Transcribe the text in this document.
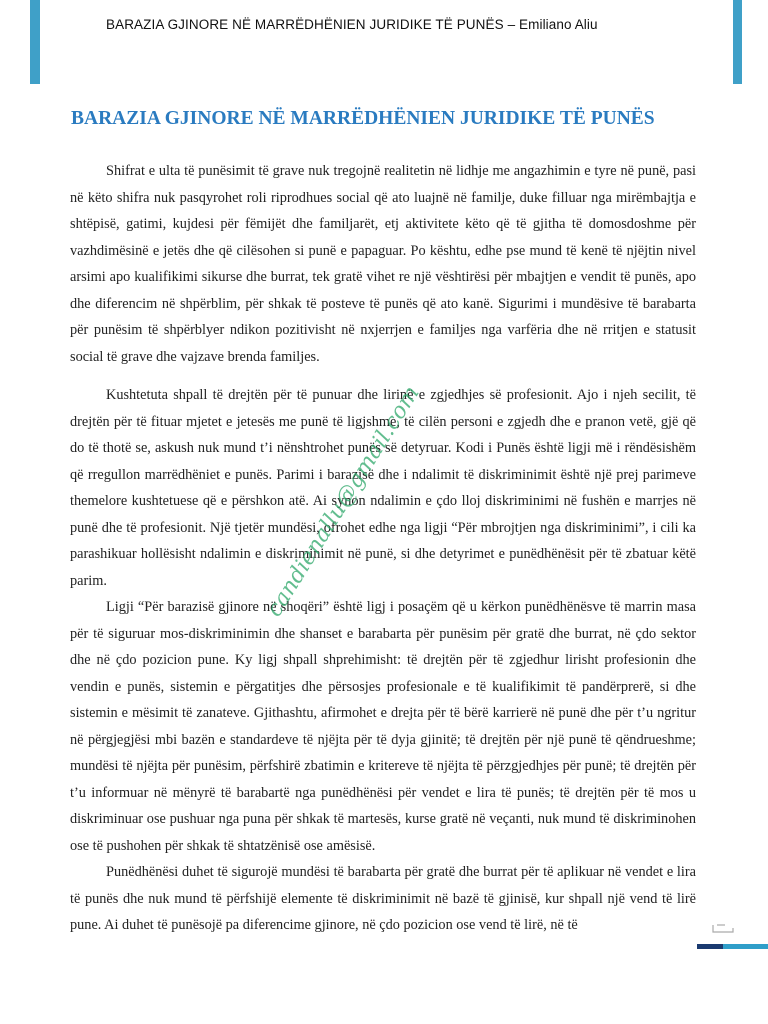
BARAZIA GJINORE NË MARRËDHËNIEN JURIDIKE TË PUNËS – Emiliano Aliu
BARAZIA GJINORE NË MARRËDHËNIEN JURIDIKE TË PUNËS

Shifrat e ulta të punësimit të grave nuk tregojnë realitetin në lidhje me angazhimin e tyre në punë, pasi në këto shifra nuk pasqyrohet roli riprodhues social që ato luajnë në familje, duke filluar nga mirëmbajtja e shtëpisë, gatimi, kujdesi për fëmijët dhe familjarët, etj aktivitete këto që të gjitha të domosdoshme për vazhdimësinë e jetës dhe që cilësohen si punë e papaguar. Po kështu, edhe pse mund të kenë të njëjtin nivel arsimi apo kualifikimi sikurse dhe burrat, tek gratë vihet re një vështirësi për mbajtjen e vendit të punës, apo dhe diferencim në shpërblim, për shkak të posteve të punës që ato kanë. Sigurimi i mundësive të barabarta për punësim të shpërblyer ndikon pozitivisht në nxjerrjen e familjes nga varfëria dhe në rritjen e statusit social të grave dhe vajzave brenda familjes.

Kushtetuta shpall të drejtën për të punuar dhe lirinë e zgjedhjes së profesionit. Ajo i njeh secilit, të drejtën për të fituar mjetet e jetesës me punë të ligjshme, të cilën personi e zgjedh dhe e pranon vetë, gjë që do të thotë se, askush nuk mund t’i nënshtrohet punës së detyruar. Kodi i Punës është ligji më i rëndësishëm që rregullon marrëdhëniet e punës. Parimi i barazisë dhe i ndalimit të diskriminimit është një prej parimeve themelore kushtetuese që e përshkon atë. Ai synon ndalimin e çdo lloj diskriminimi në fushën e marrjes në punë dhe të profesionit. Një tjetër mundësi, ofrohet edhe nga ligji “Për mbrojtjen nga diskriminimi”, i cili ka parashikuar hollësisht ndalimin e diskriminimit në punë, si dhe detyrimet e punëdhënësit për të zbatuar këtë parim.

Ligji “Për barazisë gjinore në shoqëri” është ligj i posaçëm që u kërkon punëdhënësve të marrin masa për të siguruar mos-diskriminimin dhe shanset e barabarta për punësim për gratë dhe burrat, në çdo sektor dhe në çdo pozicion pune. Ky ligj shpall shprehimisht: të drejtën për të zgjedhur lirisht profesionin dhe vendin e punës, sistemin e përgatitjes dhe përsosjes profesionale e të kualifikimit të pandërprerë, si dhe sistemin e mësimit të zanateve. Gjithashtu, afirmohet e drejta për të bërë karrierë në punë dhe për t’u ngritur në përgjegjësi mbi bazën e standardeve të njëjta për të dyja gjinitë; të drejtën për një punë të qëndrueshme; mundësi të njëjta për punësim, përfshirë zbatimin e kritereve të njëjta të përzgjedhjes për punë; të drejtën për t’u informuar në mënyrë të barabartë nga punëdhënësi për vendet e lira të punës; të drejtën për të mos u diskriminuar ose pushuar nga puna për shkak të martesës, kurse gratë në veçanti, nuk mund të diskriminohen ose të pushohen për shkak të shtatzënisë ose amësisë.

Punëdhënësi duhet të sigurojë mundësi të barabarta për gratë dhe burrat për të aplikuar në vendet e lira të punës dhe nuk mund të përfshijë elemente të diskriminimit në bazë të gjinisë, kur shpall një vend të lirë pune. Ai duhet të punësojë pa diferencime gjinore, në çdo pozicion ose vend të lirë, në të

candienallu@gmail.com
